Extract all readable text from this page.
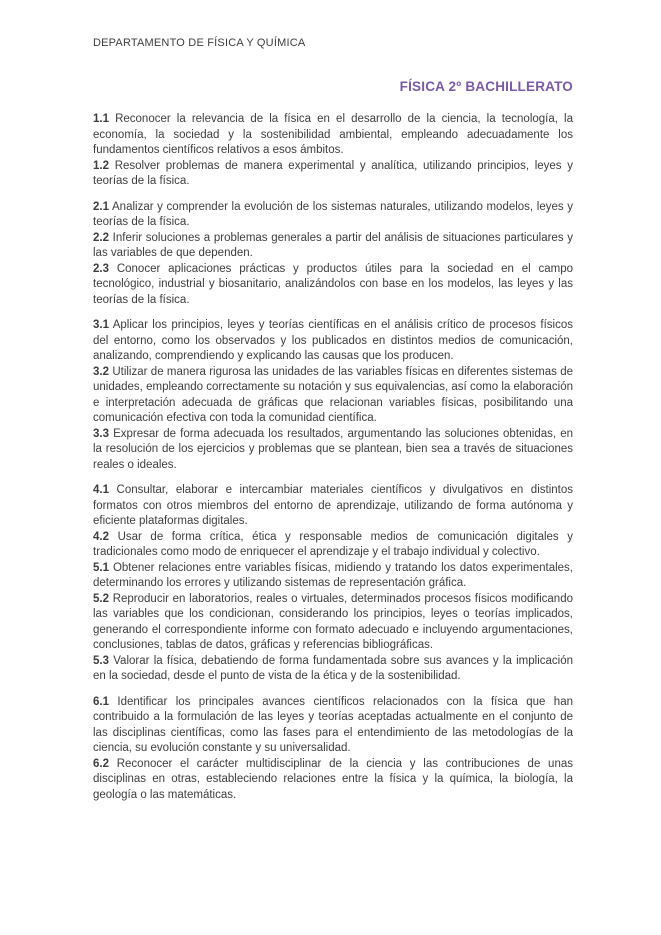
DEPARTAMENTO DE FÍSICA Y QUÍMICA
FÍSICA 2º BACHILLERATO

1.1 Reconocer la relevancia de la física en el desarrollo de la ciencia, la tecnología, la economía, la sociedad y la sostenibilidad ambiental, empleando adecuadamente los fundamentos científicos relativos a esos ámbitos.

1.2 Resolver problemas de manera experimental y analítica, utilizando principios, leyes y teorías de la física.

2.1 Analizar y comprender la evolución de los sistemas naturales, utilizando modelos, leyes y teorías de la física.

2.2 Inferir soluciones a problemas generales a partir del análisis de situaciones particulares y las variables de que dependen.

2.3 Conocer aplicaciones prácticas y productos útiles para la sociedad en el campo tecnológico, industrial y biosanitario, analizándolos con base en los modelos, las leyes y las teorías de la física.

3.1 Aplicar los principios, leyes y teorías científicas en el análisis crítico de procesos físicos del entorno, como los observados y los publicados en distintos medios de comunicación, analizando, comprendiendo y explicando las causas que los producen.

3.2 Utilizar de manera rigurosa las unidades de las variables físicas en diferentes sistemas de unidades, empleando correctamente su notación y sus equivalencias, así como la elaboración e interpretación adecuada de gráficas que relacionan variables físicas, posibilitando una comunicación efectiva con toda la comunidad científica.

3.3 Expresar de forma adecuada los resultados, argumentando las soluciones obtenidas, en la resolución de los ejercicios y problemas que se plantean, bien sea a través de situaciones reales o ideales.

4.1 Consultar, elaborar e intercambiar materiales científicos y divulgativos en distintos formatos con otros miembros del entorno de aprendizaje, utilizando de forma autónoma y eficiente plataformas digitales.

4.2 Usar de forma crítica, ética y responsable medios de comunicación digitales y tradicionales como modo de enriquecer el aprendizaje y el trabajo individual y colectivo.

5.1 Obtener relaciones entre variables físicas, midiendo y tratando los datos experimentales, determinando los errores y utilizando sistemas de representación gráfica.

5.2 Reproducir en laboratorios, reales o virtuales, determinados procesos físicos modificando las variables que los condicionan, considerando los principios, leyes o teorías implicados, generando el correspondiente informe con formato adecuado e incluyendo argumentaciones, conclusiones, tablas de datos, gráficas y referencias bibliográficas.

5.3 Valorar la física, debatiendo de forma fundamentada sobre sus avances y la implicación en la sociedad, desde el punto de vista de la ética y de la sostenibilidad.

6.1 Identificar los principales avances científicos relacionados con la física que han contribuido a la formulación de las leyes y teorías aceptadas actualmente en el conjunto de las disciplinas científicas, como las fases para el entendimiento de las metodologías de la ciencia, su evolución constante y su universalidad.

6.2 Reconocer el carácter multidisciplinar de la ciencia y las contribuciones de unas disciplinas en otras, estableciendo relaciones entre la física y la química, la biología, la geología o las matemáticas.
